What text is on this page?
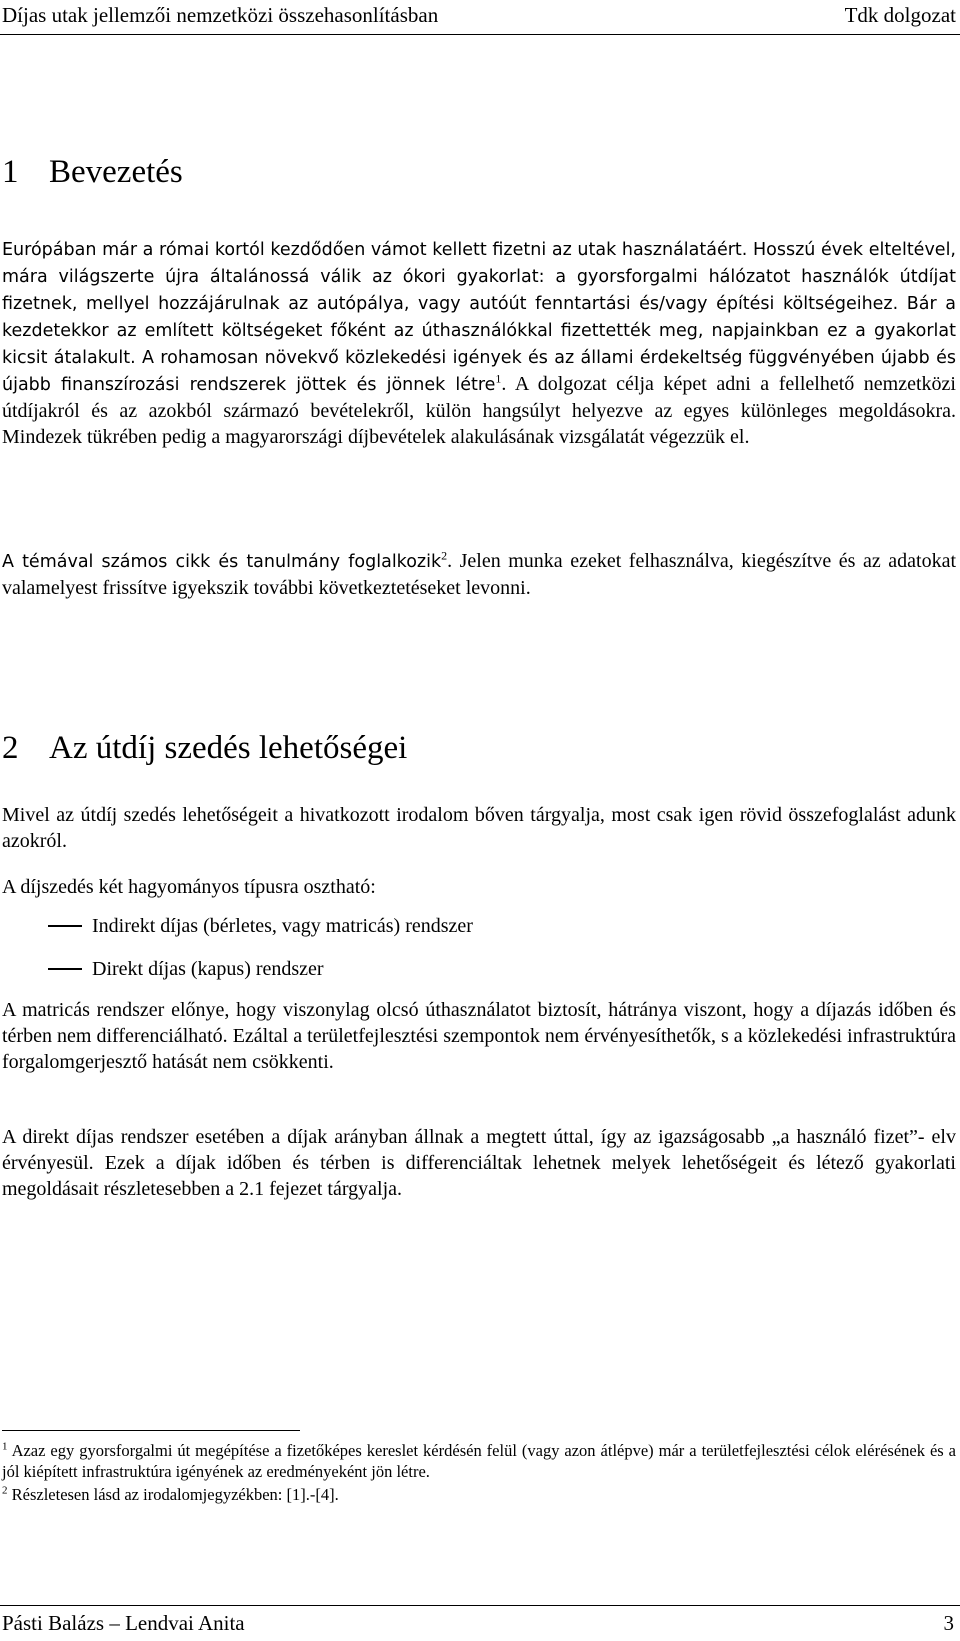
Díjas utak jellemzői nemzetközi összehasonlításban	Tdk dolgozat
1 Bevezetés

Európában már a római kortól kezdődően vámot kellett fizetni az utak használatáért. Hosszú évek elteltével, mára világszerte újra általánossá válik az ókori gyakorlat: a gyorsforgalmi hálózatot használók útdíjat fizetnek, mellyel hozzájárulnak az autópálya, vagy autóút fenntartási és/vagy építési költségeihez. Bár a kezdetekkor az említett költségeket főként az úthasználókkal fizettették meg, napjainkban ez a gyakorlat kicsit átalakult. A rohamosan növekvő közlekedési igények és az állami érdekeltség függvényében újabb és újabb finanszírozási rendszerek jöttek és jönnek létre$^1$. A dolgozat célja képet adni a fellelhető nemzetközi útdíjakról és az azokból származó bevételekről, külön hangsúlyt helyezve az egyes különleges megoldásokra. Mindezek tükrében pedig a magyarországi díjbevételek alakulásának vizsgálatát végezzük el.

A témával számos cikk és tanulmány foglalkozik$^2$. Jelen munka ezeket felhasználva, kiegészítve és az adatokat valamelyest frissítve igyekszik további következtetéseket levonni.

2 Az útdíj szedés lehetőségei

Mivel az útdíj szedés lehetőségeit a hivatkozott irodalom bőven tárgyalja, most csak igen rövid összefoglalást adunk azokról.

A díjszedés két hagyományos típusra osztható:

Indirekt díjas (bérletes, vagy matricás) rendszer

Direkt díjas (kapus) rendszer

A matricás rendszer előnye, hogy viszonylag olcsó úthasználatot biztosít, hátránya viszont, hogy a díjazás időben és térben nem differenciálható. Ezáltal a területfejlesztési szempontok nem érvényesíthetők, s a közlekedési infrastruktúra forgalomgerjesztő hatását nem csökkenti.

A direkt díjas rendszer esetében a díjak arányban állnak a megtett úttal, így az igazságosabb „a használó fizet”- elv érvényesül. Ezek a díjak időben és térben is differenciáltak lehetnek melyek lehetőségeit és létező gyakorlati megoldásait részletesebben a 2.1 fejezet tárgyalja.

$^1$ Azaz egy gyorsforgalmi út megépítése a fizetőképes kereslet kérdésén felül (vagy azon átlépve) már a területfejlesztési célok elérésének és a jól kiépített infrastruktúra igényének az eredményeként jön létre.

$^2$ Részletesen lásd az irodalomjegyzékben: [1].-[4].

Pásti Balázs – Lendvai Anita	3
